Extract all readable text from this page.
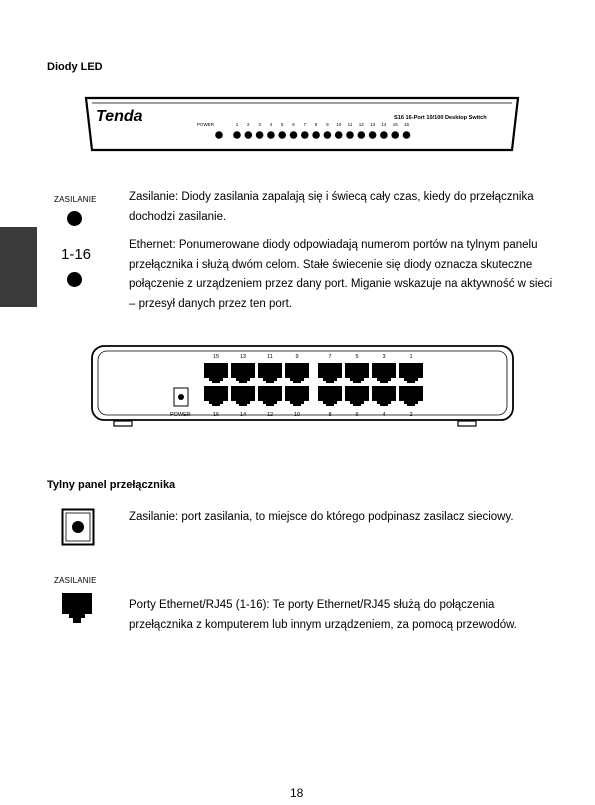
Diody LED
Tenda	S16 16-Port 10/100 Desktop Switch
POWER	1 2 3 4 5 6 7 8 9 10 11 12 13 14 15 16
ZASILANIE	Zasilanie: Diody zasilania zapalają się i świecą cały czas, kiedy do przełącznika dochodzi zasilanie.
1-16
Ethernet: Ponumerowane diody odpowiadają numerom portów na tylnym panelu przełącznika i służą dwóm celom. Stałe świecenie się diody oznacza skuteczne połączenie z urządzeniem przez dany port. Miganie wskazuje na aktywność w sieci – przesył danych przez ten port.
15	13	11	9	7	5	3	1
16	14	12	10	8	6	4	2
POWER
Tylny panel przełącznika
Zasilanie: port zasilania, to miejsce do którego podpinasz zasilacz sieciowy.
ZASILANIE
Porty Ethernet/RJ45 (1-16): Te porty Ethernet/RJ45 służą do połączenia przełącznika z komputerem lub innym urządzeniem, za pomocą przewodów.
18
